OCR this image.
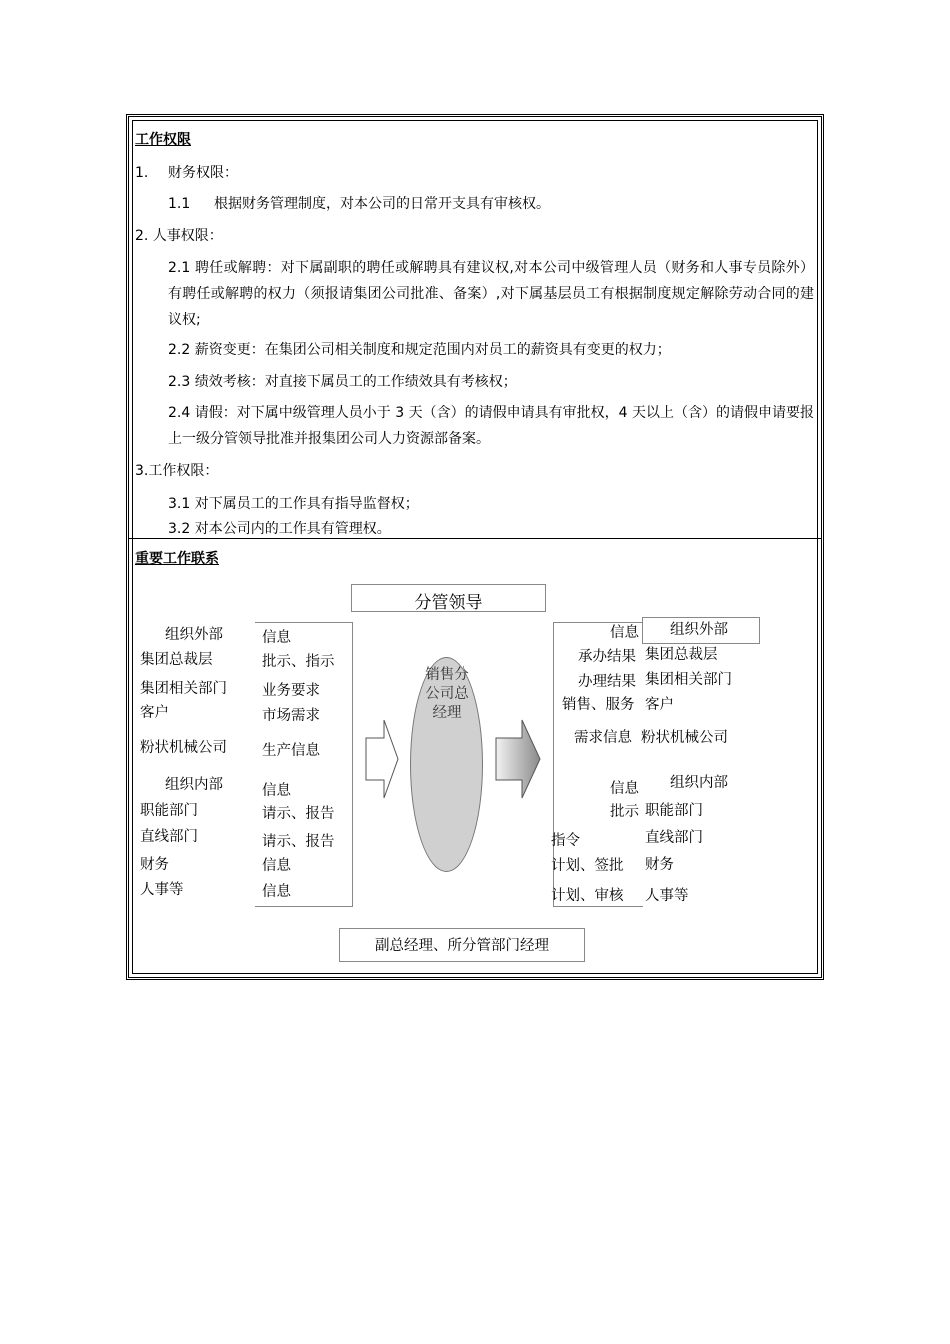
工作权限
1. 财务权限：
1.1 根据财务管理制度，对本公司的日常开支具有审核权。
2. 人事权限：
2.1 聘任或解聘：对下属副职的聘任或解聘具有建议权,对本公司中级管理人员（财务和人事专员除外）有聘任或解聘的权力（须报请集团公司批准、备案）,对下属基层员工有根据制度规定解除劳动合同的建议权;
2.2 薪资变更：在集团公司相关制度和规定范围内对员工的薪资具有变更的权力；
2.3 绩效考核：对直接下属员工的工作绩效具有考核权；
2.4 请假：对下属中级管理人员小于 3 天（含）的请假申请具有审批权，4 天以上（含）的请假申请要报上一级分管领导批准并报集团公司人力资源部备案。
3.工作权限：
3.1 对下属员工的工作具有指导监督权；
3.2 对本公司内的工作具有管理权。
重要工作联系
分管领导
组织外部
集团总裁层
集团相关部门
客户
粉状机械公司
组织内部
职能部门
直线部门
财务
人事等
信息
批示、指示
业务要求
市场需求
生产信息
信息
请示、报告
请示、报告
信息
信息
销售分公司总经理
信息
承办结果
办理结果
销售、服务
需求信息
信息
批示
指令
计划、签批
计划、审核
组织外部
集团总裁层
集团相关部门
客户
粉状机械公司
组织内部
职能部门
直线部门
财务
人事等
副总经理、所分管部门经理
